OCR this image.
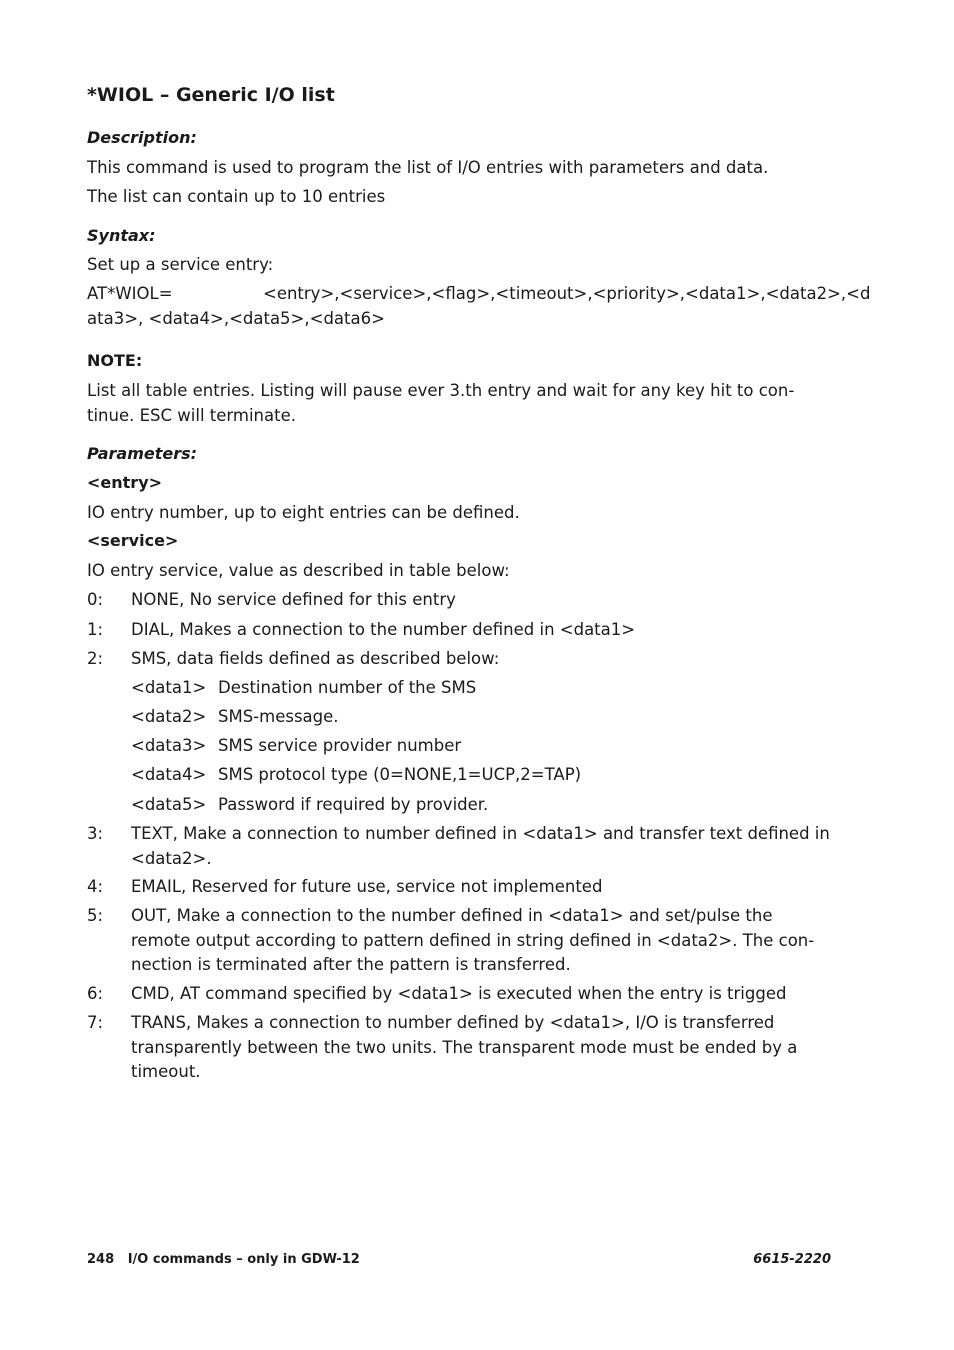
*WIOL – Generic I/O list
Description:
This command is used to program the list of I/O entries with parameters and data.
The list can contain up to 10 entries
Syntax:
Set up a service entry:
AT*WIOL=	<entry>,<service>,<flag>,<timeout>,<priority>,<data1>,<data2>,<d
ata3>, <data4>,<data5>,<data6>
NOTE:
List all table entries. Listing will pause ever 3.th entry and wait for any key hit to con-
tinue. ESC will terminate.
Parameters:
<entry>
IO entry number, up to eight entries can be defined.
<service>
IO entry service, value as described in table below:
0: NONE, No service defined for this entry
1: DIAL, Makes a connection to the number defined in <data1>
2: SMS, data fields defined as described below:
<data1> Destination number of the SMS
<data2> SMS-message.
<data3> SMS service provider number
<data4> SMS protocol type (0=NONE,1=UCP,2=TAP)
<data5> Password if required by provider.
3: TEXT, Make a connection to number defined in <data1> and transfer text defined in <data2>.
4: EMAIL, Reserved for future use, service not implemented
5: OUT, Make a connection to the number defined in <data1> and set/pulse the remote output according to pattern defined in string defined in <data2>. The con-nection is terminated after the pattern is transferred.
6: CMD, AT command specified by <data1> is executed when the entry is trigged
7: TRANS, Makes a connection to number defined by <data1>, I/O is transferred transparently between the two units. The transparent mode must be ended by a timeout.
248 I/O commands – only in GDW-12	6615-2220
